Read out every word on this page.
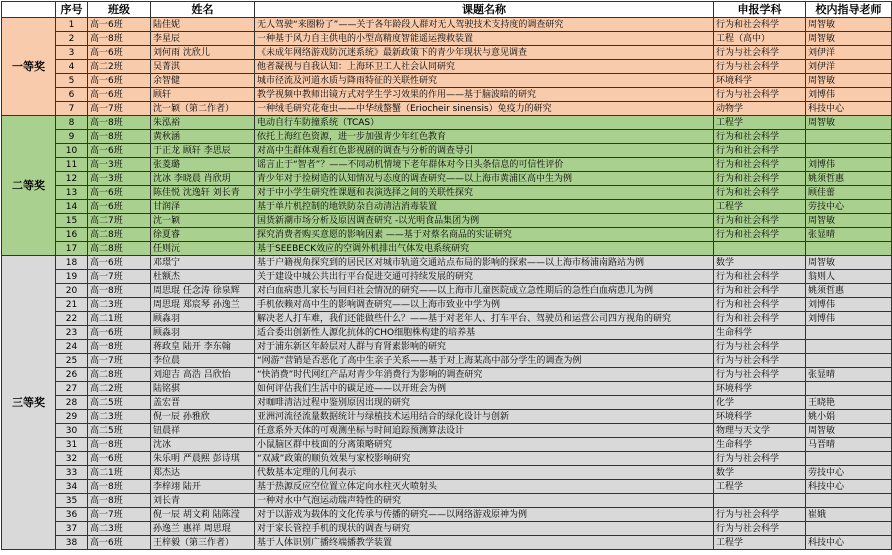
	序号	班级	姓名	课题名称	申报学科	校内指导老师
一等奖	1	高一6班	陆佳妮	无人驾驶“来圈粉了”——关于各年龄段人群对无人驾驶技术支持度的调查研究	行为和社会科学	周智敏
	2	高一8班	李星辰	一种基于风力自主供电的小型高精度智能遥运搜救装置	工程（高中）	周智敏
	3	高一6班	刘何雨 沈欣儿	《未成年网络游戏防沉迷系统》最新政策下的青少年现状与意见调查	行为与社会科学	刘伊洋
	4	高二2班	吴菁淇	他者凝视与自我认知：上海环卫工人社会认同研究	行为与社会科学	刘伊洋
	5	高一6班	余智健	城市径流及河道水质与降雨特征的关联性研究	环境科学	周智敏
	6	高一6班	顾轩	教学视频中教师出镜方式对学生学习效果的作用——基于脑波暗的研究	行为与社会科学	刘博伟
	7	高一7班	沈一颖（第二作者）	一种绒毛研究花奄虫——中华绒螯蟹（Eriocheir sinensis）免疫力的研究	动物学	科技中心
二等奖	8	高一8班	朱泓裕	电动自行车防撞系统（TCAS）	工程学	周智敏
	9	高一8班	黄秋涵	依托上海红色资源，进一步加强青少年红色教育	行为和社会科学	
	10	高一6班	于正龙 顾轩 李思辰	对高中生群体观看红色影视剧的调查与分析的调查导引	行为和社会科学	
	11	高一3班	张菱璐	谣言止于“智者”？——不同动机情境下老年群体对今日头条信息的可信性评价	行为和社会科学	刘博伟
	12	高一3班	沈冰 李晓晨 肖欣玥	青少年对于捡树造的认知情况与态度的调查研究——以上海市黄浦区高中生为例	行为和社会科学	姚须哲惠
	13	高一6班	陈佳悦 沈逸轩 刘长青	对于中小学生研究性课题和表演选择之间的关联性探究	行为和社会科学	顾佳蕾
	14	高一6班	甘润泽	基于单片机控制的地铁防杂自动清洁消毒装置	工程学	劳技中心
	15	高二7班	沈一颖	国货新潮市场分析及原因调查研究 -以光明食品集团为例	行为和社会科学	周智敏
	16	高二8班	徐夏睿	探究消费者购买意愿的影响因素 ——基于对蔡名商品的实证研究	行为和社会科学	张显晴
	17	高二8班	任则沅	基于SEEBECK效应的空调外机排出气体发电系统研究		
三等奖	18	高一6班	邓璟宁	基于户籍视角探究到的居民区对城市轨道交通站点布局的影响的探索——以上海市杨浦南路站为例	数学	周智敏
	19	高一7班	杜额杰	关于建设中城公共出行平台促进交通可持续发展的研究	行为和社会科学	翁则人
	20	高一8班	周思琨 任念涛 徐泉辉	对白血病患儿家长与回归社会情况的研究——以上海市儿童医院成立急性期后的急性白血病患儿为例	行为和社会科学	姚须哲惠
	21	高二3班	周思琨 郑宸琴 孙逸兰	手机依赖对高中生的影响调查研究——以上海市致业中学为例	行为和社会科学	刘博伟
	22	高二1班	顾淼羽	解决老人打车难，我们还能做些什么？——基于对老年人、打车平台、驾驶员和运营公司四方视角的研究	行为和社会科学	刘博伟
	23	高一6班	顾淼羽	适合委出创新性人源化抗体的CHO细胞株构建的培养基	生命科学	
	24	高一8班	蒋政皇 陆开 李东翰	对于浦东新区年龄层对人群与育肾素影响的研究	行为与社会科学	
	25	高一7班	李位晨	“网游”营销是否恶化了高中生亲子关系——基于对上海某高中部分学生的调查为例	行为与社会科学	
	26	高二8班	刘迎吉 高浩 吕欣怡	“快消费”时代网红产品对青少年消费行为影响的调查研究	行为与社会科学	张显晴
	27	高二2班	陆铭骐	如何评估我们生活中的碳足迹——以开班会为例	环境科学	
	28	高二5班	盖宏晋	对咖啡清洁过程中鉴别原因出现的研究	化学	王晓艳
	29	高二3班	倪一辰 孙雅欣	亚洲河流径流量数据统计与绿植技术运用结合的绿化设计与创新	环境科学	姚小娟
	30	高二5班	钮晨祥	任意系外天体的可观测坐标与时间追踪预测算法设计	物理与天文学	周智敏
	31	高一8班	沈冰	小鼠脑区群中枝面的分离策略研究	生命科学	马晋晴
	32	高一6班	朱乐明 严晨熙 彭诗琪	“双减”政策的顺负效果与家校影响研究	行为与社会科学	
	33	高二1班	郑杰达	代数基本定理的几何表示	数学	劳技中心
	34	高一8班	李梓翊 陆开	基于热源反应空位置立体定向水柱灭火喷射头	工程学	科技中心
	35	高一8班	刘长青	一种对水中气泡运动瑞声特性的研究		
	36	高一7班	倪一辰 胡文莉 陆陈滢	对于以游戏为载体的文化传承与传播的研究——以网络游戏原神为例	行为与社会科学	崔娥
	37	高二3班	孙逸兰 惠祥 周思琨	对于家长管控手机的现状的调查与研究	行为与社会科学	
	38	高一6班	王梓毅（第三作者）	基于人体识别广播终端播教学装置	工程学	科技中心
